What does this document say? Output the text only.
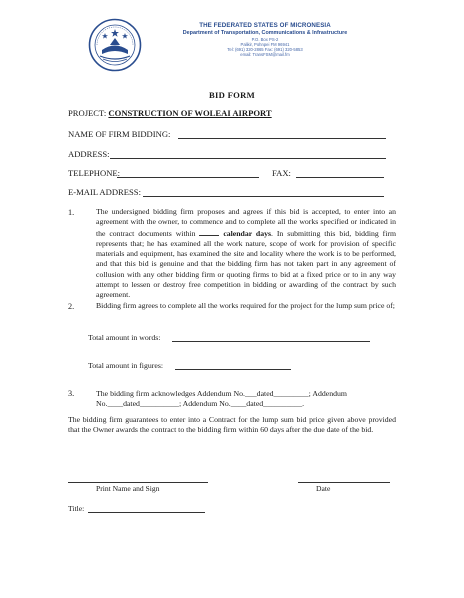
THE FEDERATED STATES OF MICRONESIA
Department of Transportation, Communications & Infrastructure
P.O. Box PS-2
Palikir, Pohnpei FM 96941
Tel: (691) 320-2865 Fax: (691) 320-5853
email: TransFSM@mail.fm
BID FORM
PROJECT: CONSTRUCTION OF WOLEAI AIRPORT
NAME OF FIRM BIDDING:
ADDRESS:
TELEPHONE:	FAX:
E-MAIL ADDRESS:
1.	The undersigned bidding firm proposes and agrees if this bid is accepted, to enter into an agreement with the owner, to commence and to complete all the works specified or indicated in the contract documents within	calendar days. In submitting this bid, bidding firm represents that; he has examined all the work nature, scope of work for provision of specific materials and equipment, has examined the site and locality where the work is to be performed, and that this bid is genuine and that the bidding firm has not taken part in any agreement of collusion with any other bidding firm or quoting firms to bid at a fixed price or to in any way attempt to lessen or destroy free competition in bidding or awarding of the contract by such agreement.
2.	Bidding firm agrees to complete all the works required for the project for the lump sum price of;
Total amount in words:
Total amount in figures:
3.	The bidding firm acknowledges Addendum No.___dated_________; Addendum
No.____dated__________; Addendum No.____dated__________.
The bidding firm guarantees to enter into a Contract for the lump sum bid price given above provided that the Owner awards the contract to the bidding firm within 60 days after the due date of the bid.
Print Name and Sign	Date
Title:
